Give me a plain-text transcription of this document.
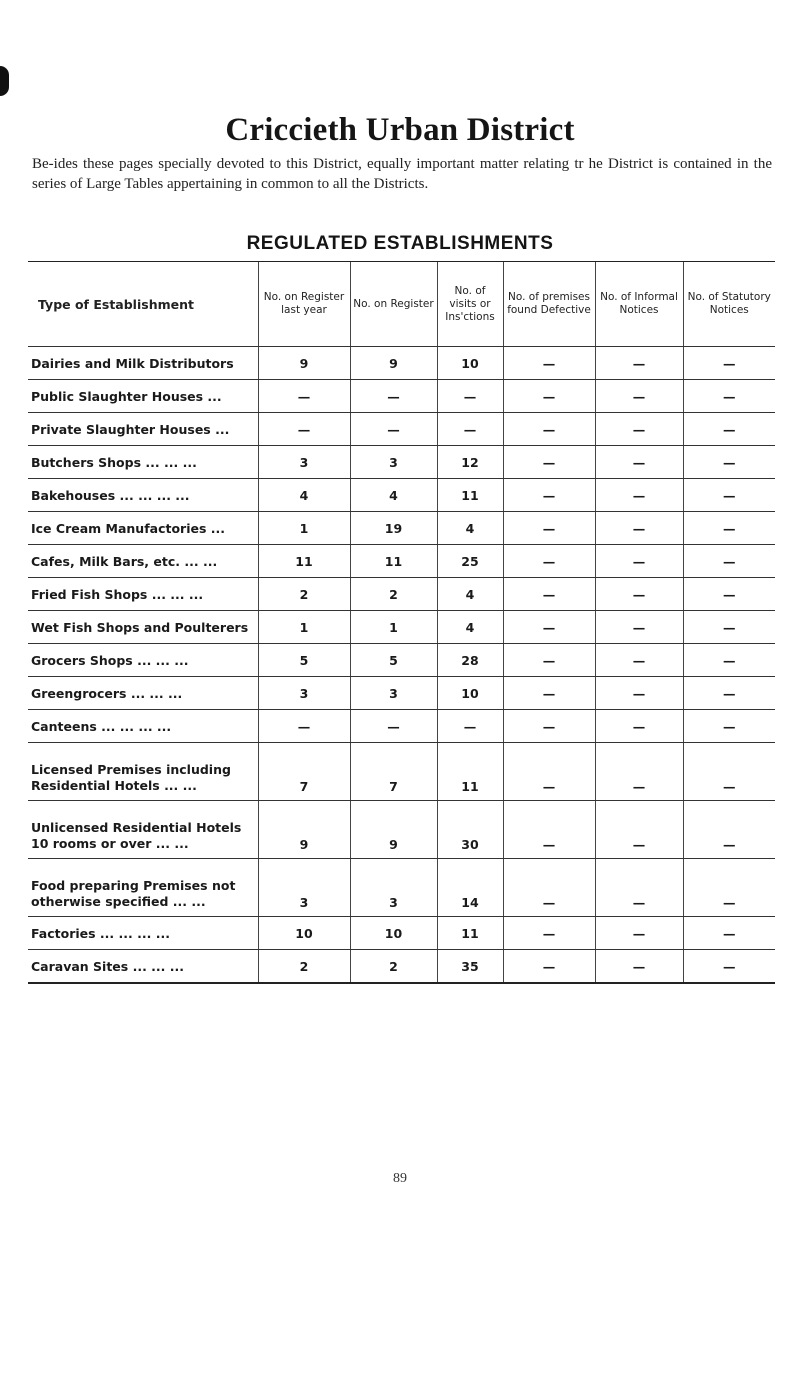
Criccieth Urban District
Be-ides these pages specially devoted to this District, equally important matter relating tr he District is contained in the series of Large Tables appertaining in common to all the Districts.
REGULATED ESTABLISHMENTS
Type of Establishment	No. on Register last year	No. on Register	No. of visits or Ins'ctions	No. of premises found Defective	No. of Informal Notices	No. of Statutory Notices
Dairies and Milk Distributors	9	9	10	—	—	—
Public Slaughter Houses ...	—	—	—	—	—	—
Private Slaughter Houses ...	—	—	—	—	—	—
Butchers Shops ... ... ...	3	3	12	—	—	—
Bakehouses ... ... ... ...	4	4	11	—	—	—
Ice Cream Manufactories ...	1	19	4	—	—	—
Cafes, Milk Bars, etc. ... ...	11	11	25	—	—	—
Fried Fish Shops ... ... ...	2	2	4	—	—	—
Wet Fish Shops and Poulterers	1	1	4	—	—	—
Grocers Shops ... ... ...	5	5	28	—	—	—
Greengrocers ... ... ...	3	3	10	—	—	—
Canteens ... ... ... ...	—	—	—	—	—	—
Licensed Premises including
Residential Hotels ... ...	7	7	11	—	—	—
Unlicensed Residential Hotels
10 rooms or over ... ...	9	9	30	—	—	—
Food preparing Premises not
otherwise specified ... ...	3	3	14	—	—	—
Factories ... ... ... ...	10	10	11	—	—	—
Caravan Sites ... ... ...	2	2	35	—	—	—
89
